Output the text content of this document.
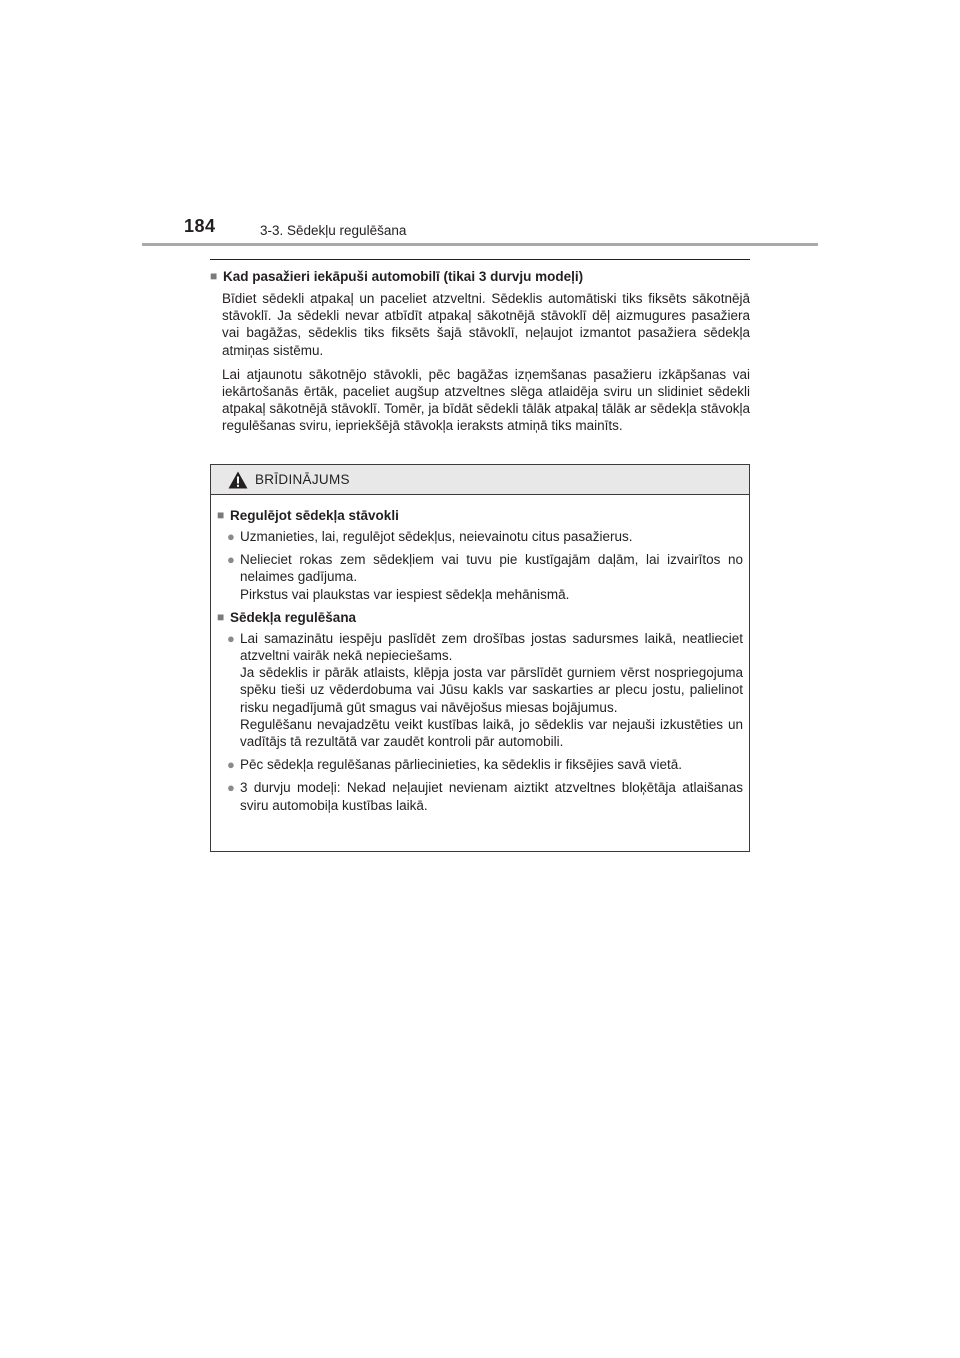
184	3-3. Sēdekļu regulēšana
■ Kad pasažieri iekāpuši automobilī (tikai 3 durvju modeļi)
Bīdiet sēdekli atpakaļ un paceliet atzveltni. Sēdeklis automātiski tiks fiksēts sākotnējā stāvoklī. Ja sēdekli nevar atbīdīt atpakaļ sākotnējā stāvoklī dēļ aizmugures pasažiera vai bagāžas, sēdeklis tiks fiksēts šajā stāvoklī, neļaujot izmantot pasažiera sēdekļa atmiņas sistēmu.
Lai atjaunotu sākotnējo stāvokli, pēc bagāžas izņemšanas pasažieru izkāpšanas vai iekārtošanās ērtāk, paceliet augšup atzveltnes slēga atlaidēja sviru un slidiniet sēdekli atpakaļ sākotnējā stāvoklī. Tomēr, ja bīdāt sēdekli tālāk atpakaļ tālāk ar sēdekļa stāvokļa regulēšanas sviru, iepriekšējā stāvokļa ieraksts atmiņā tiks mainīts.
BRĪDINĀJUMS
■ Regulējot sēdekļa stāvokli
● Uzmanieties, lai, regulējot sēdekļus, neievainotu citus pasažierus.
● Nelieciet rokas zem sēdekļiem vai tuvu pie kustīgajām daļām, lai izvairītos no nelaimes gadījuma.
Pirkstus vai plaukstas var iespiest sēdekļa mehānismā.
■ Sēdekļa regulēšana
● Lai samazinātu iespēju paslīdēt zem drošības jostas sadursmes laikā, neatlieciet atzveltni vairāk nekā nepieciešams.
Ja sēdeklis ir pārāk atlaists, klēpja josta var pārslīdēt gurniem vērst nospriegojuma spēku tieši uz vēderdobuma vai Jūsu kakls var saskarties ar plecu jostu, palielinot risku negadījumā gūt smagus vai nāvējošus miesas bojājumus.
Regulēšanu nevajadzētu veikt kustības laikā, jo sēdeklis var nejauši izkustēties un vadītājs tā rezultātā var zaudēt kontroli pār automobili.
● Pēc sēdekļa regulēšanas pārliecinieties, ka sēdeklis ir fiksējies savā vietā.
● 3 durvju modeļi: Nekad neļaujiet nevienam aiztikt atzveltnes bloķētāja atlaišanas sviru automobiļa kustības laikā.
